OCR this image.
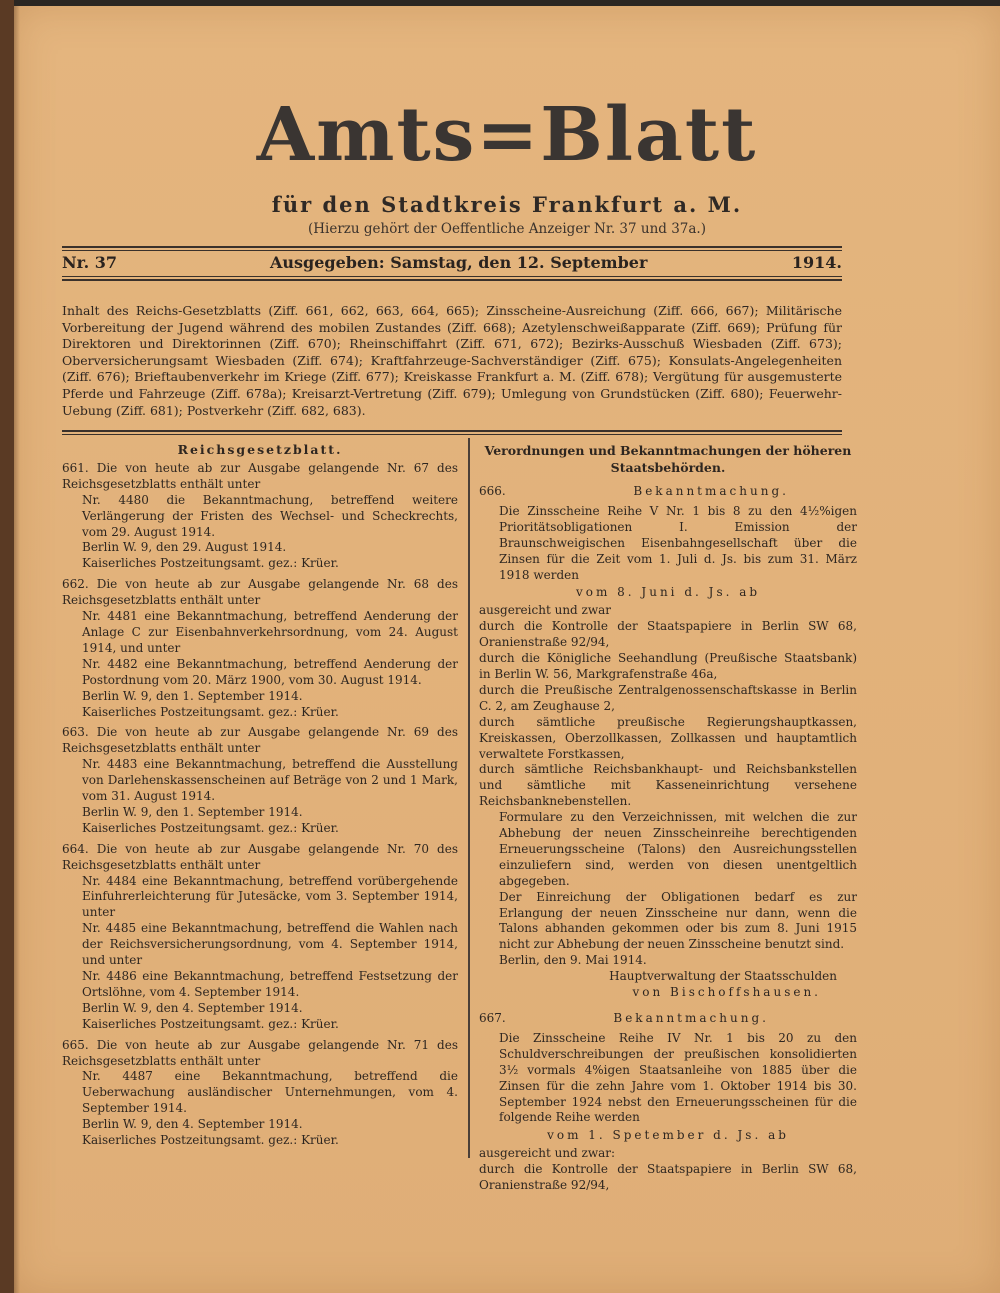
Amts=Blatt
für den Stadtkreis Frankfurt a. M.
(Hierzu gehört der Oeffentliche Anzeiger Nr. 37 und 37a.)
Nr. 37	Ausgegeben: Samstag, den 12. September	1914.
Inhalt des Reichs-Gesetzblatts (Ziff. 661, 662, 663, 664, 665); Zinsscheine-Ausreichung (Ziff. 666, 667); Militärische Vorbereitung der Jugend während des mobilen Zustandes (Ziff. 668); Azetylenschweißapparate (Ziff. 669); Prüfung für Direktoren und Direktorinnen (Ziff. 670); Rheinschiffahrt (Ziff. 671, 672); Bezirks-Ausschuß Wiesbaden (Ziff. 673); Oberversicherungsamt Wiesbaden (Ziff. 674); Kraftfahrzeuge-Sachverständiger (Ziff. 675); Konsulats-Angelegenheiten (Ziff. 676); Brieftaubenverkehr im Kriege (Ziff. 677); Kreiskasse Frankfurt a. M. (Ziff. 678); Vergütung für ausgemusterte Pferde und Fahrzeuge (Ziff. 678a); Kreisarzt-Vertretung (Ziff. 679); Umlegung von Grundstücken (Ziff. 680); Feuerwehr-Uebung (Ziff. 681); Postverkehr (Ziff. 682, 683).

Reichsgesetzblatt.

661. Die von heute ab zur Ausgabe gelangende Nr. 67 des Reichsgesetzblatts enthält unter

Nr. 4480 die Bekanntmachung, betreffend weitere Verlängerung der Fristen des Wechsel- und Scheckrechts, vom 29. August 1914.

Berlin W. 9, den 29. August 1914.

Kaiserliches Postzeitungsamt. gez.: Krüer.

662. Die von heute ab zur Ausgabe gelangende Nr. 68 des Reichsgesetzblatts enthält unter

Nr. 4481 eine Bekanntmachung, betreffend Aenderung der Anlage C zur Eisenbahnverkehrsordnung, vom 24. August 1914, und unter

Nr. 4482 eine Bekanntmachung, betreffend Aenderung der Postordnung vom 20. März 1900, vom 30. August 1914.

Berlin W. 9, den 1. September 1914.

Kaiserliches Postzeitungsamt. gez.: Krüer.

663. Die von heute ab zur Ausgabe gelangende Nr. 69 des Reichsgesetzblatts enthält unter

Nr. 4483 eine Bekanntmachung, betreffend die Ausstellung von Darlehenskassenscheinen auf Beträge von 2 und 1 Mark, vom 31. August 1914.

Berlin W. 9, den 1. September 1914.

Kaiserliches Postzeitungsamt. gez.: Krüer.

664. Die von heute ab zur Ausgabe gelangende Nr. 70 des Reichsgesetzblatts enthält unter

Nr. 4484 eine Bekanntmachung, betreffend vorübergehende Einfuhrerleichterung für Jutesäcke, vom 3. September 1914, unter

Nr. 4485 eine Bekanntmachung, betreffend die Wahlen nach der Reichsversicherungsordnung, vom 4. September 1914, und unter

Nr. 4486 eine Bekanntmachung, betreffend Festsetzung der Ortslöhne, vom 4. September 1914.

Berlin W. 9, den 4. September 1914.

Kaiserliches Postzeitungsamt. gez.: Krüer.

665. Die von heute ab zur Ausgabe gelangende Nr. 71 des Reichsgesetzblatts enthält unter

Nr. 4487 eine Bekanntmachung, betreffend die Ueberwachung ausländischer Unternehmungen, vom 4. September 1914.

Berlin W. 9, den 4. September 1914.

Kaiserliches Postzeitungsamt. gez.: Krüer.

Verordnungen und Bekanntmachungen der höheren Staatsbehörden.

666.	Bekanntmachung.

Die Zinsscheine Reihe V Nr. 1 bis 8 zu den 4½%igen Prioritätsobligationen I. Emission der Braunschweigischen Eisenbahngesellschaft über die Zinsen für die Zeit vom 1. Juli d. Js. bis zum 31. März 1918 werden

vom 8. Juni d. Js. ab

ausgereicht und zwar

durch die Kontrolle der Staatspapiere in Berlin SW 68, Oranienstraße 92/94,

durch die Königliche Seehandlung (Preußische Staatsbank) in Berlin W. 56, Markgrafenstraße 46a,

durch die Preußische Zentralgenossenschaftskasse in Berlin C. 2, am Zeughause 2,

durch sämtliche preußische Regierungshauptkassen, Kreiskassen, Oberzollkassen, Zollkassen und hauptamtlich verwaltete Forstkassen,

durch sämtliche Reichsbankhaupt- und Reichsbankstellen und sämtliche mit Kasseneinrichtung versehene Reichsbanknebenstellen.

Formulare zu den Verzeichnissen, mit welchen die zur Abhebung der neuen Zinsscheinreihe berechtigenden Erneuerungsscheine (Talons) den Ausreichungsstellen einzuliefern sind, werden von diesen unentgeltlich abgegeben.

Der Einreichung der Obligationen bedarf es zur Erlangung der neuen Zinsscheine nur dann, wenn die Talons abhanden gekommen oder bis zum 8. Juni 1915 nicht zur Abhebung der neuen Zinsscheine benutzt sind.

Berlin, den 9. Mai 1914.

Hauptverwaltung der Staatsschulden

von Bischoffshausen.

667.	Bekanntmachung.

Die Zinsscheine Reihe IV Nr. 1 bis 20 zu den Schuldverschreibungen der preußischen konsolidierten 3½ vormals 4%igen Staatsanleihe von 1885 über die Zinsen für die zehn Jahre vom 1. Oktober 1914 bis 30. September 1924 nebst den Erneuerungsscheinen für die folgende Reihe werden

vom 1. Spetember d. Js. ab

ausgereicht und zwar:

durch die Kontrolle der Staatspapiere in Berlin SW 68, Oranienstraße 92/94,
